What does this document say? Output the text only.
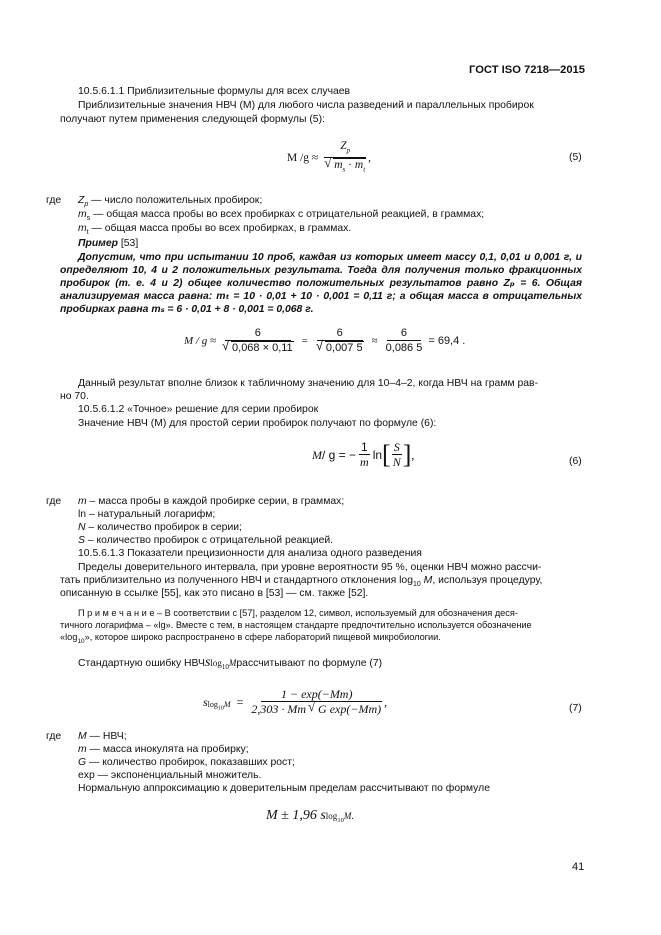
ГОСТ ISO 7218—2015
10.5.6.1.1 Приблизительные формулы для всех случаев
Приблизительные значения НВЧ (М) для любого числа разведений и параллельных пробирок
получают путем применения следующей формулы (5):
M $/g \approx \frac{Z_p}{√ m_s \cdot m_t}$ ,	(5)
где $Z_p$ — число положительных пробирок;
$m_s$ — общая масса пробы во всех пробирках с отрицательной реакцией, в граммах;
$m_t$ — общая масса пробы во всех пробирках, в граммах.
Пример [53]
Допустим, что при испытании 10 проб, каждая из которых имеет массу 0,1, 0,01 и 0,001 г, и определяют 10, 4 и 2 положительных результата. Тогда для получения только фракционных пробирок (т. е. 4 и 2) общее количество положительных результатов равно Zₚ = 6. Общая анализируемая масса равна: mₜ = 10 · 0,01 + 10 · 0,001 = 0,11 г; а общая масса в отрицательных пробирках равна mₛ = 6 · 0,01 + 8 · 0,001 = 0,068 г.
$M / g \approx \frac{6}{√ 0,068 \times 0,11} = \frac{6}{√ 0,007 5} \approx \frac{6}{0,086 5} = 69,4$ .
Данный результат вполне близок к табличному значению для 10–4–2, когда НВЧ на грамм рав-
но 70.
10.5.6.1.2 «Точное» решение для серии пробирок
Значение НВЧ (М) для простой серии пробирок получают по формуле (6):
M / g = − $\frac{1}{m}$ ln [ $\frac{S}{N}$ ] ,	(6)
где m – масса пробы в каждой пробирке серии, в граммах;
ln – натуральный логарифм;
N – количество пробирок в серии;
S – количество пробирок с отрицательной реакцией.
10.5.6.1.3 Показатели прецизионности для анализа одного разведения
Пределы доверительного интервала, при уровне вероятности 95 %, оценки НВЧ можно рассчи-
тать приблизительно из полученного НВЧ и стандартного отклонения $\log_{10} M$, используя процедуру,
описанную в ссылке [55], как это писано в [53] — см. также [52].
П р и м е ч а н и е – В соответствии с [57], разделом 12, символ, используемый для обозначения деся-
тичного логарифма – «lg». Вместе с тем, в настоящем стандарте предпочтительно используется обозначение
«$\log_{10}$», которое широко распространено в сфере лабораторий пищевой микробиологии.
Стандартную ошибку НВЧ s $\log_{10}M$ рассчитывают по формуле (7)
s $_{log_{10}M} = \frac{1 - \exp(-Mm)}{\text{2,303 · Mm √ G exp(−Mm)}}$ ,	(7)
где M — НВЧ;
m — масса инокулята на пробирку;
G — количество пробирок, показавших рост;
exp — экспоненциальный множитель.
Нормальную аппроксимацию к доверительным пределам рассчитывают по формуле
M ± 1,96 s $\log_{10}M$ .
41
